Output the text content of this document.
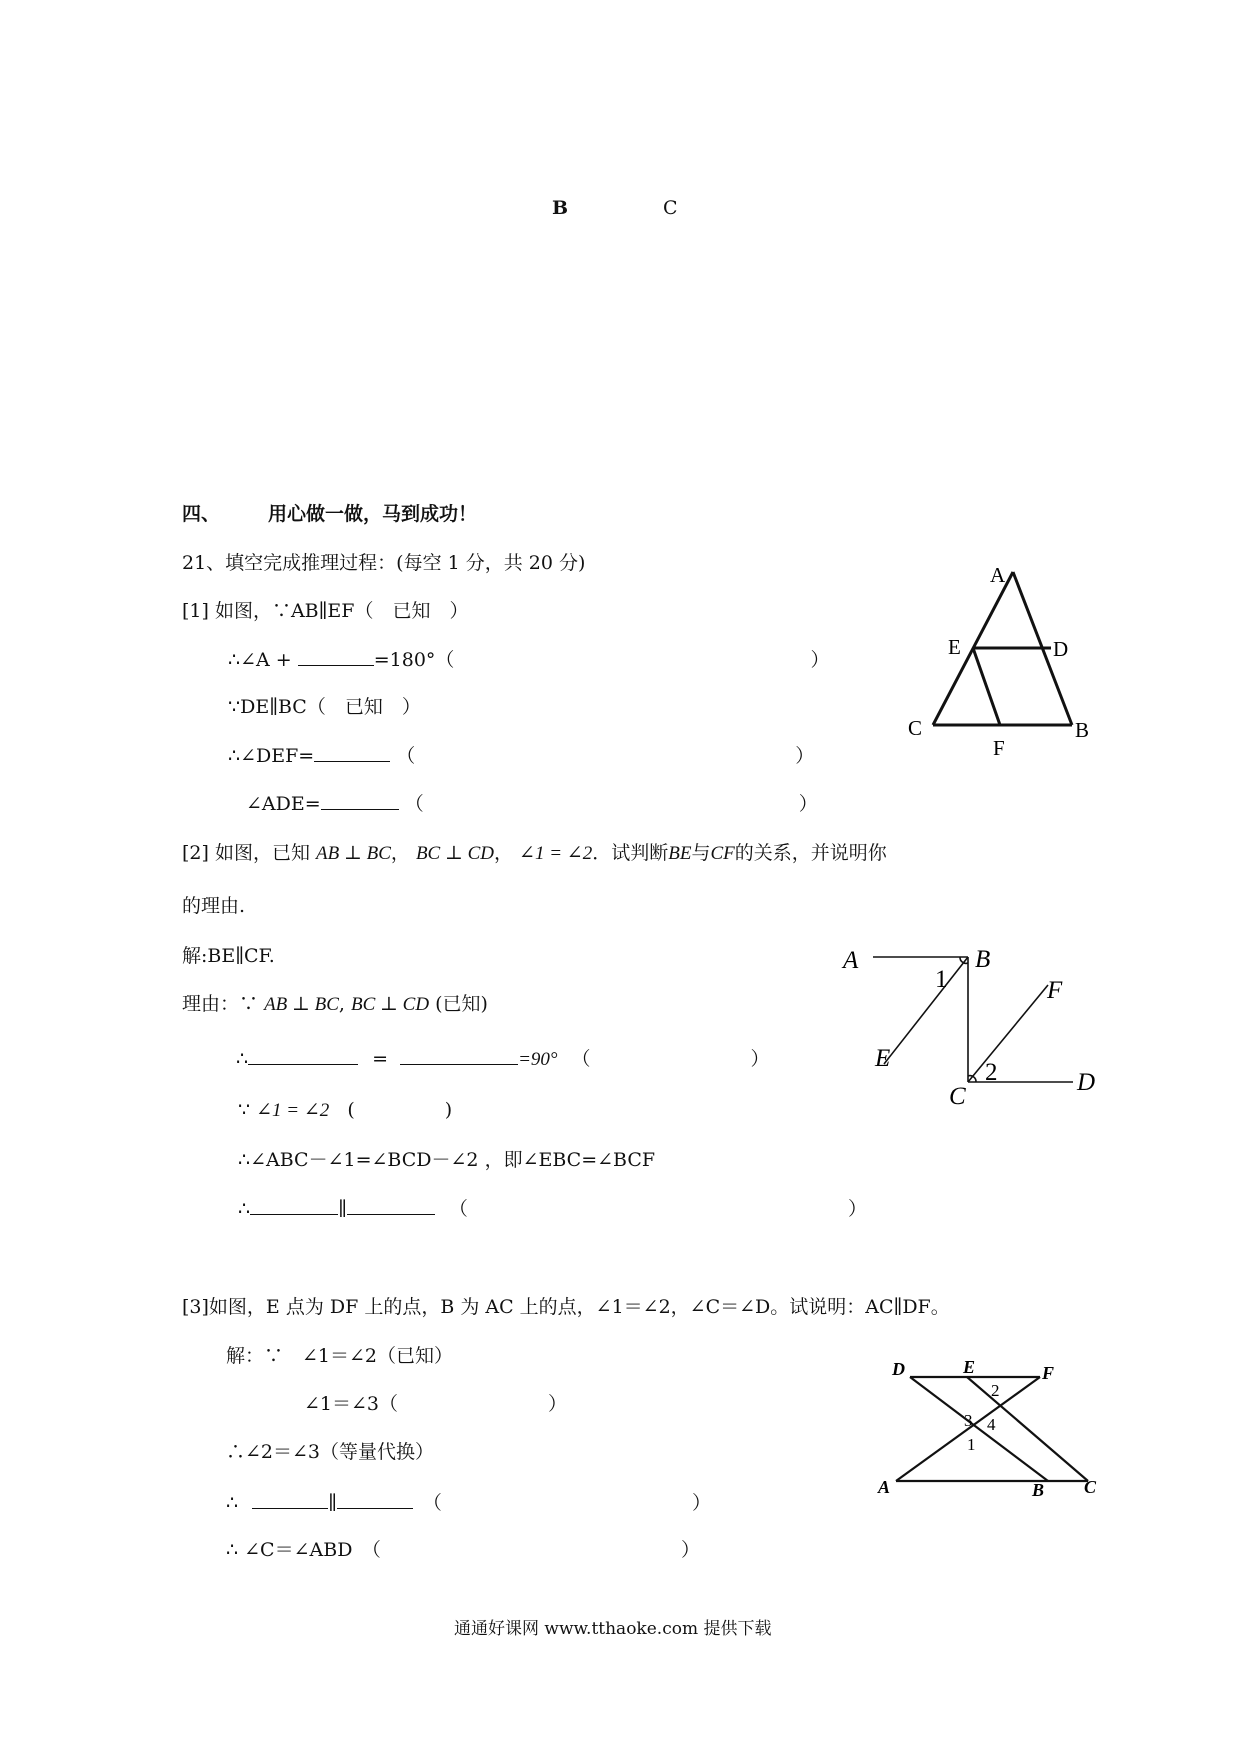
B	C
四、	用心做一做，马到成功！
21、填空完成推理过程：(每空 1 分，共 20 分)
[1] 如图，∵AB∥EF（　已知　）
∴∠A +	=180°（	）
∵DE∥BC（　已知　）
∴∠DEF=	（	）
∠ADE=	（	）
A
E	D
C
F
B
[2] 如图，已知 AB ⊥ BC， BC ⊥ CD， ∠1 = ∠2．试判断BE与CF的关系，并说明你
的理由.
解:BE∥CF.
理由：∵ AB ⊥ BC, BC ⊥ CD (已知)
∴	=	=90° （	）
∵ ∠1 = ∠2 (	)
∴∠ABC－∠1=∠BCD－∠2 ，即∠EBC=∠BCF
∴	∥	（	）
A	B
1	F
E
C
2	D
[3]如图，E 点为 DF 上的点，B 为 AC 上的点，∠1＝∠2，∠C＝∠D。试说明：AC∥DF。
解：∵　∠1＝∠2（已知）
∠1＝∠3（	）
∴∠2＝∠3（等量代换）
∴	∥	（	）
∴ ∠C＝∠ABD　（	）
D	E	F
2
3 4
1
A	B C
通通好课网 www.tthaoke.com 提供下载
